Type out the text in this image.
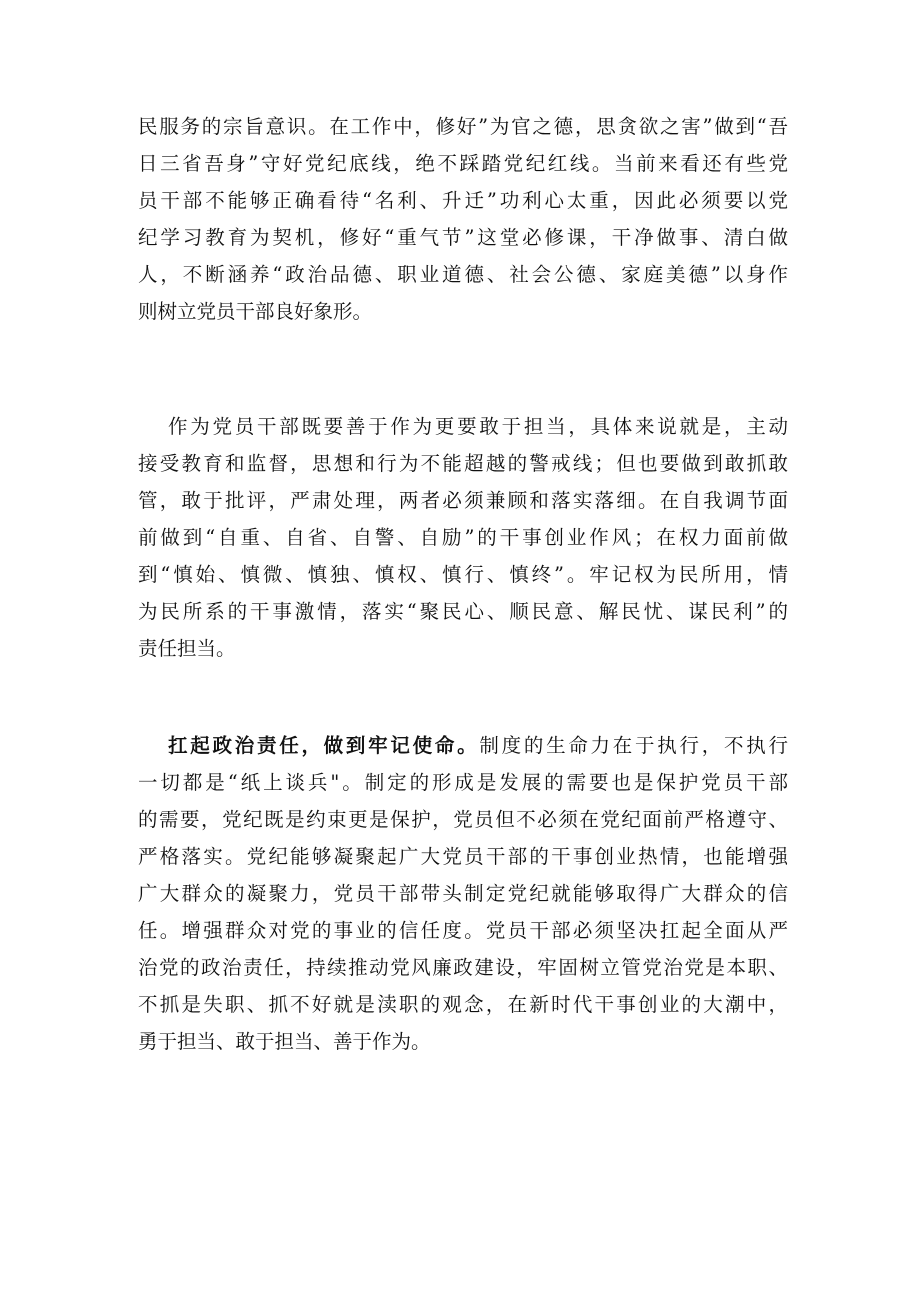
民服务的宗旨意识。在工作中，修好”为官之德，思贪欲之害”做到“吾
日三省吾身”守好党纪底线，绝不踩踏党纪红线。当前来看还有些党
员干部不能够正确看待“名利、升迁”功利心太重，因此必须要以党
纪学习教育为契机，修好“重气节”这堂必修课，干净做事、清白做
人，不断涵养“政治品德、职业道德、社会公德、家庭美德”以身作
则树立党员干部良好象形。
作为党员干部既要善于作为更要敢于担当，具体来说就是，主动
接受教育和监督，思想和行为不能超越的警戒线；但也要做到敢抓敢
管，敢于批评，严肃处理，两者必须兼顾和落实落细。在自我调节面
前做到“自重、自省、自警、自励”的干事创业作风；在权力面前做
到“慎始、慎微、慎独、慎权、慎行、慎终”。牢记权为民所用，情
为民所系的干事激情，落实“聚民心、顺民意、解民忧、谋民利”的
责任担当。
扛起政治责任，做到牢记使命。制度的生命力在于执行，不执行
一切都是“纸上谈兵"。制定的形成是发展的需要也是保护党员干部
的需要，党纪既是约束更是保护，党员但不必须在党纪面前严格遵守、
严格落实。党纪能够凝聚起广大党员干部的干事创业热情，也能增强
广大群众的凝聚力，党员干部带头制定党纪就能够取得广大群众的信
任。增强群众对党的事业的信任度。党员干部必须坚决扛起全面从严
治党的政治责任，持续推动党风廉政建设，牢固树立管党治党是本职、
不抓是失职、抓不好就是渎职的观念，在新时代干事创业的大潮中，
勇于担当、敢于担当、善于作为。
